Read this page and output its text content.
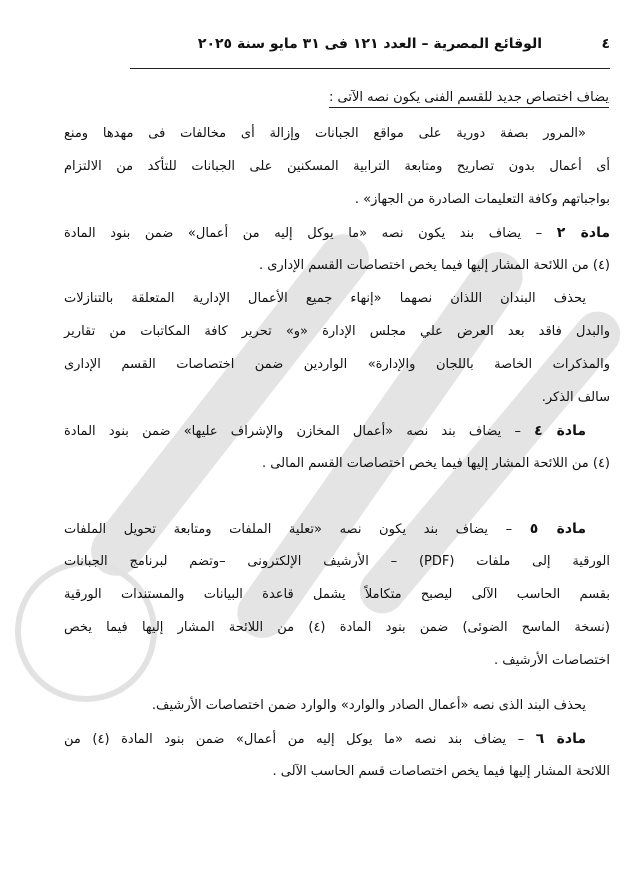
٤
الوقائع المصرية – العدد ١٢١ فى ٣١ مايو سنة ٢٠٢٥
يضاف اختصاص جديد للقسم الفنى يكون نصه الآتى :
«المرور بصفة دورية على مواقع الجبانات وإزالة أى مخالفات فى مهدها ومنع
أى أعمال بدون تصاريح ومتابعة الترابية المسكنين على الجبانات للتأكد من الالتزام
بواجباتهم وكافة التعليمات الصادرة من الجهاز» .
مادة ٢ – يضاف بند يكون نصه «ما يوكل إليه من أعمال» ضمن بنود المادة
(٤) من اللائحة المشار إليها فيما يخص اختصاصات القسم الإدارى .
يحذف البندان اللذان نصهما «إنهاء جميع الأعمال الإدارية المتعلقة بالتنازلات
والبدل فاقد بعد العرض علي مجلس الإدارة «و» تحرير كافة المكاتبات من تقارير
والمذكرات الخاصة باللجان والإدارة» الواردين ضمن اختصاصات القسم الإدارى
سالف الذكر.
مادة ٤ – يضاف بند نصه «أعمال المخازن والإشراف عليها» ضمن بنود المادة
(٤) من اللائحة المشار إليها فيما يخص اختصاصات القسم المالى .
مادة ٥ – يضاف بند يكون نصه «تعلية الملفات ومتابعة تحويل الملفات
الورقية إلى ملفات (PDF) – الأرشيف الإلكترونى –وتضم لبرنامج الجبانات
بقسم الحاسب الآلى ليصبح متكاملاً يشمل قاعدة البيانات والمستندات الورقية
(نسخة الماسح الضوئى) ضمن بنود المادة (٤) من اللائحة المشار إليها فيما يخص
اختصاصات الأرشيف .
يحذف البند الذى نصه «أعمال الصادر والوارد» والوارد ضمن اختصاصات الأرشيف.
مادة ٦ – يضاف بند نصه «ما يوكل إليه من أعمال» ضمن بنود المادة (٤) من
اللائحة المشار إليها فيما يخص اختصاصات قسم الحاسب الآلى .
